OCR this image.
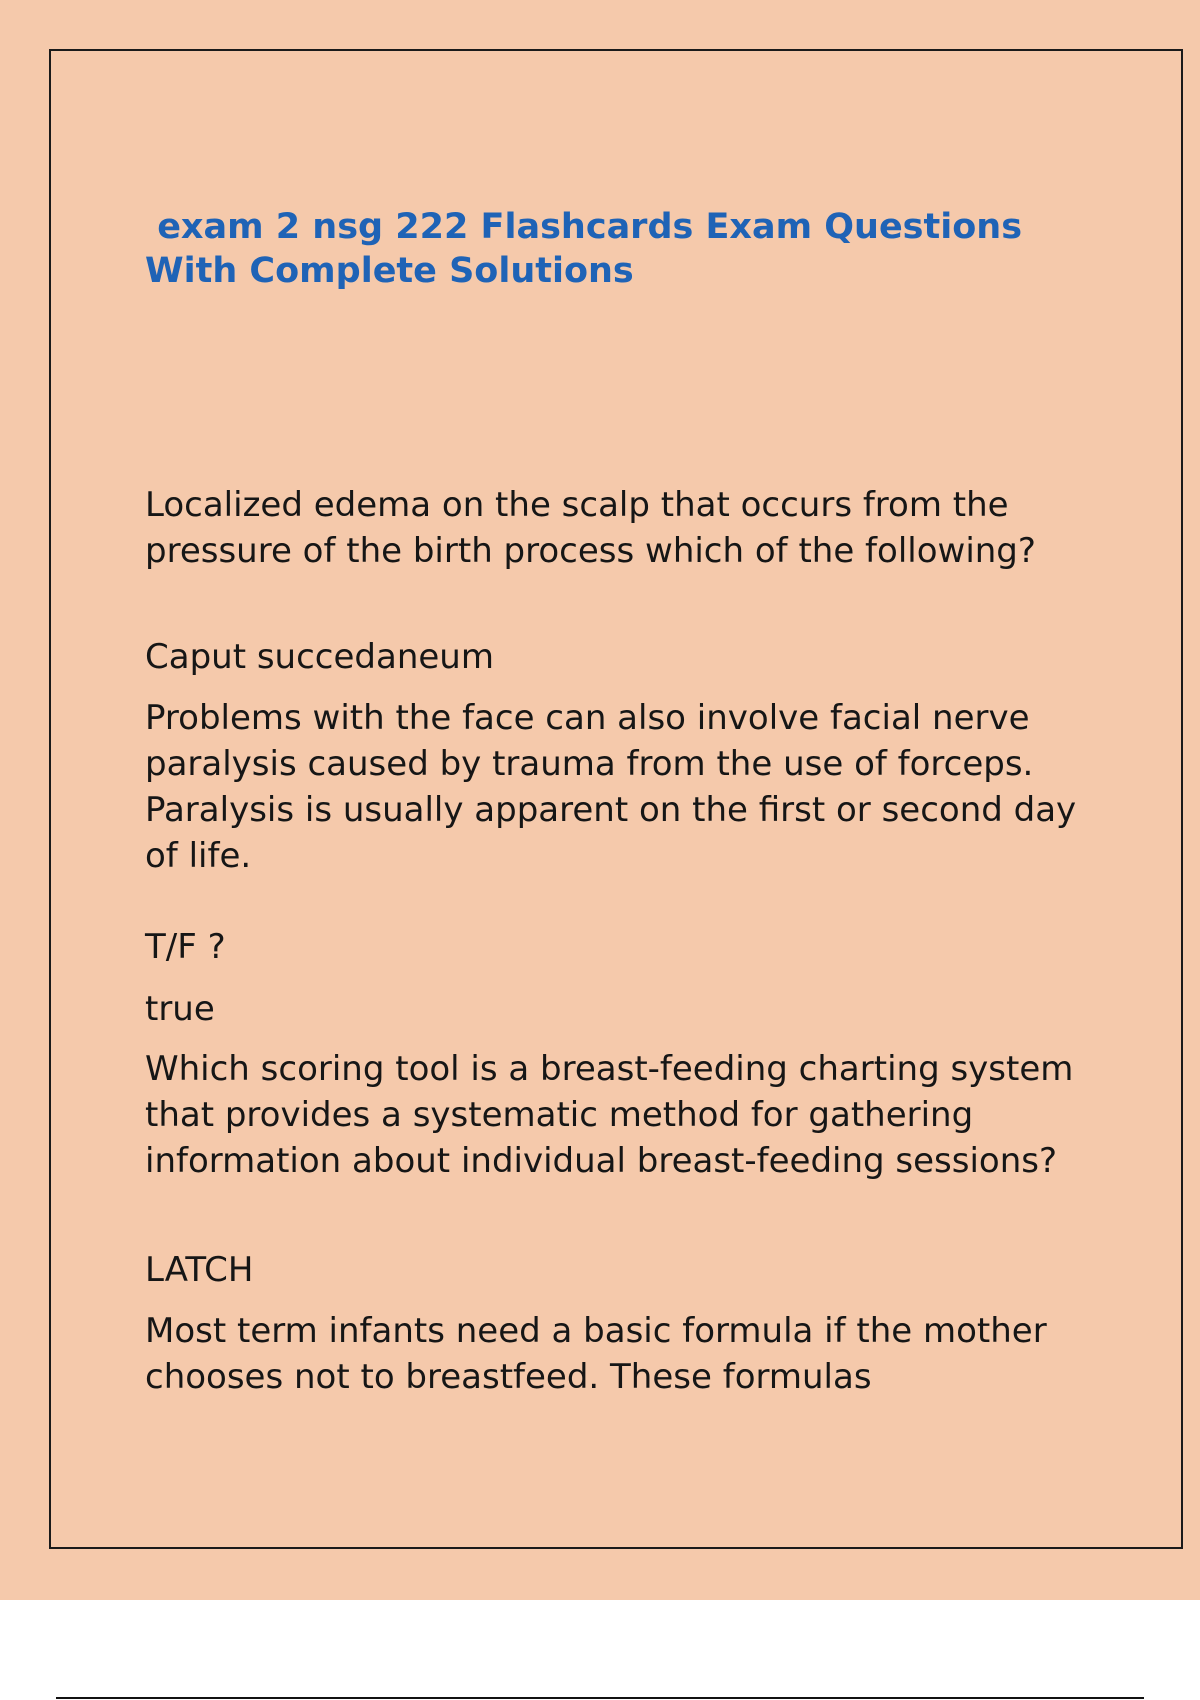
exam 2 nsg 222 Flashcards Exam Questions
With Complete Solutions

Localized edema on the scalp that occurs from the pressure of the birth process which of the following?

Caput succedaneum

Problems with the face can also involve facial nerve paralysis caused by trauma from the use of forceps. Paralysis is usually apparent on the first or second day of life.

T/F ?

true

Which scoring tool is a breast-feeding charting system that provides a systematic method for gathering information about individual breast-feeding sessions?

LATCH

Most term infants need a basic formula if the mother chooses not to breastfeed. These formulas
